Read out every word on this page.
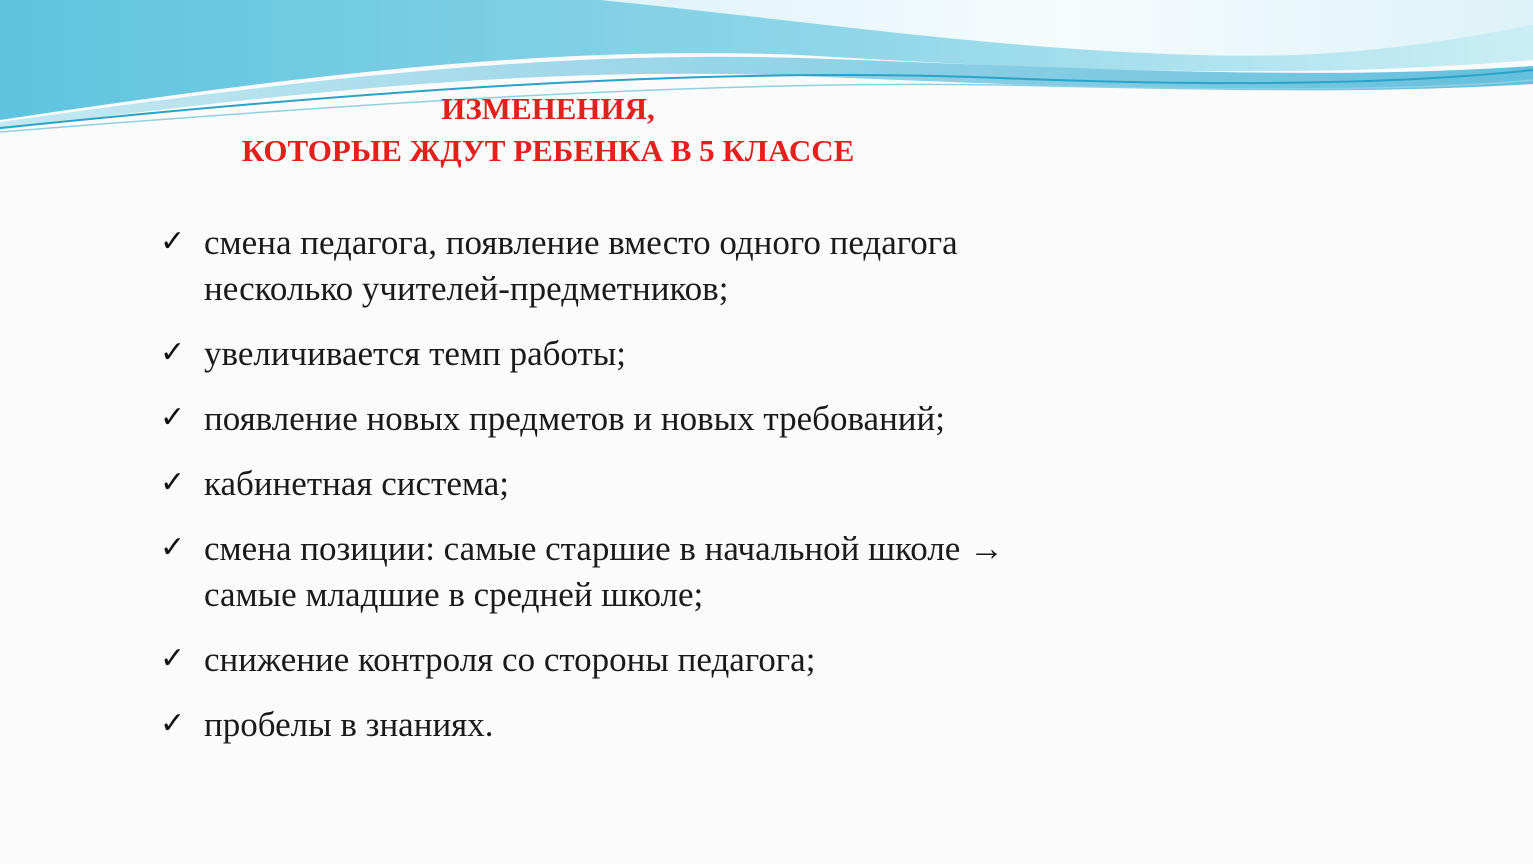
ИЗМЕНЕНИЯ,
КОТОРЫЕ ЖДУТ РЕБЕНКА В 5 КЛАССЕ
✓ смена педагога, появление вместо одного педагога несколько учителей-предметников;
✓ увеличивается темп работы;
✓ появление новых предметов и новых требований;
✓ кабинетная система;
✓ смена позиции: самые старшие в начальной школе → самые младшие в средней школе;
✓ снижение контроля со стороны педагога;
✓ пробелы в знаниях.
